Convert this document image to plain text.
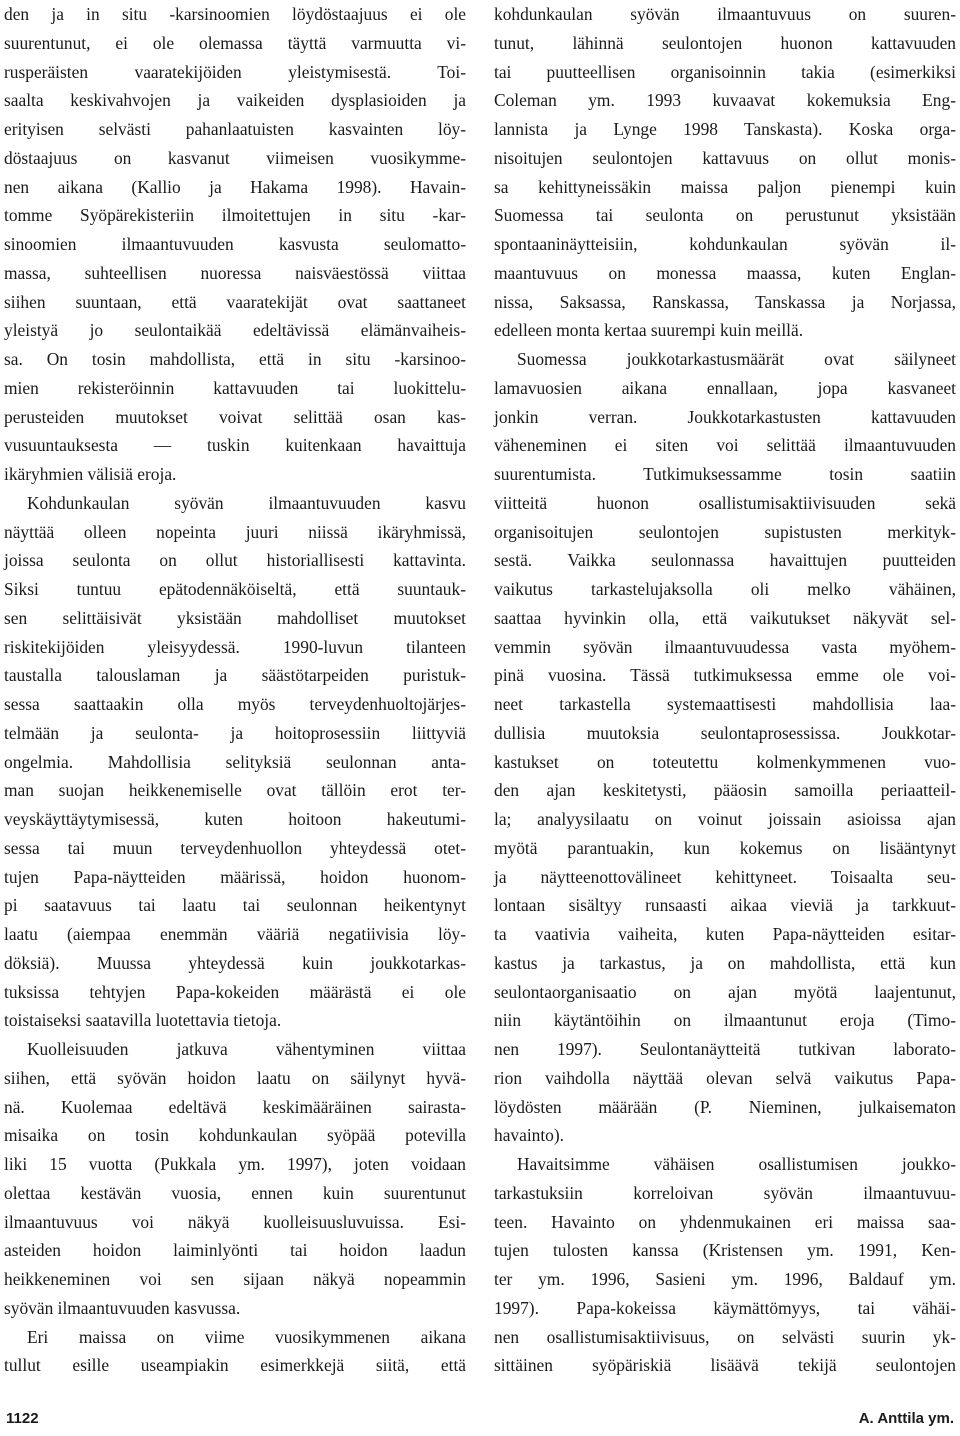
den ja in situ -karsinoomien löydöstaajuus ei ole
suurentunut, ei ole olemassa täyttä varmuutta vi-
rusperäisten vaaratekijöiden yleistymisestä. Toi-
saalta keskivahvojen ja vaikeiden dysplasioiden ja
erityisen selvästi pahanlaatuisten kasvainten löy-
döstaajuus on kasvanut viimeisen vuosikymme-
nen aikana (Kallio ja Hakama 1998). Havain-
tomme Syöpärekisteriin ilmoitettujen in situ -kar-
sinoomien ilmaantuvuuden kasvusta seulomatto-
massa, suhteellisen nuoressa naisväestössä viittaa
siihen suuntaan, että vaaratekijät ovat saattaneet
yleistyä jo seulontaikää edeltävissä elämänvaiheis-
sa. On tosin mahdollista, että in situ -karsinoo-
mien rekisteröinnin kattavuuden tai luokittelu-
perusteiden muutokset voivat selittää osan kas-
vusuuntauksesta — tuskin kuitenkaan havaittuja
ikäryhmien välisiä eroja.
Kohdunkaulan syövän ilmaantuvuuden kasvu
näyttää olleen nopeinta juuri niissä ikäryhmissä,
joissa seulonta on ollut historiallisesti kattavinta.
Siksi tuntuu epätodennäköiseltä, että suuntauk-
sen selittäisivät yksistään mahdolliset muutokset
riskitekijöiden yleisyydessä. 1990-luvun tilanteen
taustalla talouslaman ja säästötarpeiden puristuk-
sessa saattaakin olla myös terveydenhuoltojärjes-
telmään ja seulonta- ja hoitoprosessiin liittyviä
ongelmia. Mahdollisia selityksiä seulonnan anta-
man suojan heikkenemiselle ovat tällöin erot ter-
veyskäyttäytymisessä, kuten hoitoon hakeutumi-
sessa tai muun terveydenhuollon yhteydessä otet-
tujen Papa-näytteiden määrissä, hoidon huonom-
pi saatavuus tai laatu tai seulonnan heikentynyt
laatu (aiempaa enemmän vääriä negatiivisia löy-
döksiä). Muussa yhteydessä kuin joukkotarkas-
tuksissa tehtyjen Papa-kokeiden määrästä ei ole
toistaiseksi saatavilla luotettavia tietoja.
Kuolleisuuden jatkuva vähentyminen viittaa
siihen, että syövän hoidon laatu on säilynyt hyvä-
nä. Kuolemaa edeltävä keskimääräinen sairasta-
misaika on tosin kohdunkaulan syöpää potevilla
liki 15 vuotta (Pukkala ym. 1997), joten voidaan
olettaa kestävän vuosia, ennen kuin suurentunut
ilmaantuvuus voi näkyä kuolleisuusluvuissa. Esi-
asteiden hoidon laiminlyönti tai hoidon laadun
heikkeneminen voi sen sijaan näkyä nopeammin
syövän ilmaantuvuuden kasvussa.
Eri maissa on viime vuosikymmenen aikana
tullut esille useampiakin esimerkkejä siitä, että
kohdunkaulan syövän ilmaantuvuus on suuren-
tunut, lähinnä seulontojen huonon kattavuuden
tai puutteellisen organisoinnin takia (esimerkiksi
Coleman ym. 1993 kuvaavat kokemuksia Eng-
lannista ja Lynge 1998 Tanskasta). Koska orga-
nisoitujen seulontojen kattavuus on ollut monis-
sa kehittyneissäkin maissa paljon pienempi kuin
Suomessa tai seulonta on perustunut yksistään
spontaaninäytteisiin, kohdunkaulan syövän il-
maantuvuus on monessa maassa, kuten Englan-
nissa, Saksassa, Ranskassa, Tanskassa ja Norjassa,
edelleen monta kertaa suurempi kuin meillä.
Suomessa joukkotarkastusmäärät ovat säilyneet
lamavuosien aikana ennallaan, jopa kasvaneet
jonkin verran. Joukkotarkastusten kattavuuden
väheneminen ei siten voi selittää ilmaantuvuuden
suurentumista. Tutkimuksessamme tosin saatiin
viitteitä huonon osallistumisaktiivisuuden sekä
organisoitujen seulontojen supistusten merkityk-
sestä. Vaikka seulonnassa havaittujen puutteiden
vaikutus tarkastelujaksolla oli melko vähäinen,
saattaa hyvinkin olla, että vaikutukset näkyvät sel-
vemmin syövän ilmaantuvuudessa vasta myöhem-
pinä vuosina. Tässä tutkimuksessa emme ole voi-
neet tarkastella systemaattisesti mahdollisia laa-
dullisia muutoksia seulontaprosessissa. Joukkotar-
kastukset on toteutettu kolmenkymmenen vuo-
den ajan keskitetysti, pääosin samoilla periaatteil-
la; analyysilaatu on voinut joissain asioissa ajan
myötä parantuakin, kun kokemus on lisääntynyt
ja näytteenottovälineet kehittyneet. Toisaalta seu-
lontaan sisältyy runsaasti aikaa vieviä ja tarkkuut-
ta vaativia vaiheita, kuten Papa-näytteiden esitar-
kastus ja tarkastus, ja on mahdollista, että kun
seulontaorganisaatio on ajan myötä laajentunut,
niin käytäntöihin on ilmaantunut eroja (Timo-
nen 1997). Seulontanäytteitä tutkivan laborato-
rion vaihdolla näyttää olevan selvä vaikutus Papa-
löydösten määrään (P. Nieminen, julkaisematon
havainto).
Havaitsimme vähäisen osallistumisen joukko-
tarkastuksiin korreloivan syövän ilmaantuvuu-
teen. Havainto on yhdenmukainen eri maissa saa-
tujen tulosten kanssa (Kristensen ym. 1991, Ken-
ter ym. 1996, Sasieni ym. 1996, Baldauf ym.
1997). Papa-kokeissa käymättömyys, tai vähäi-
nen osallistumisaktiivisuus, on selvästi suurin yk-
sittäinen syöpäriskiä lisäävä tekijä seulontojen
1122	A. Anttila ym.
